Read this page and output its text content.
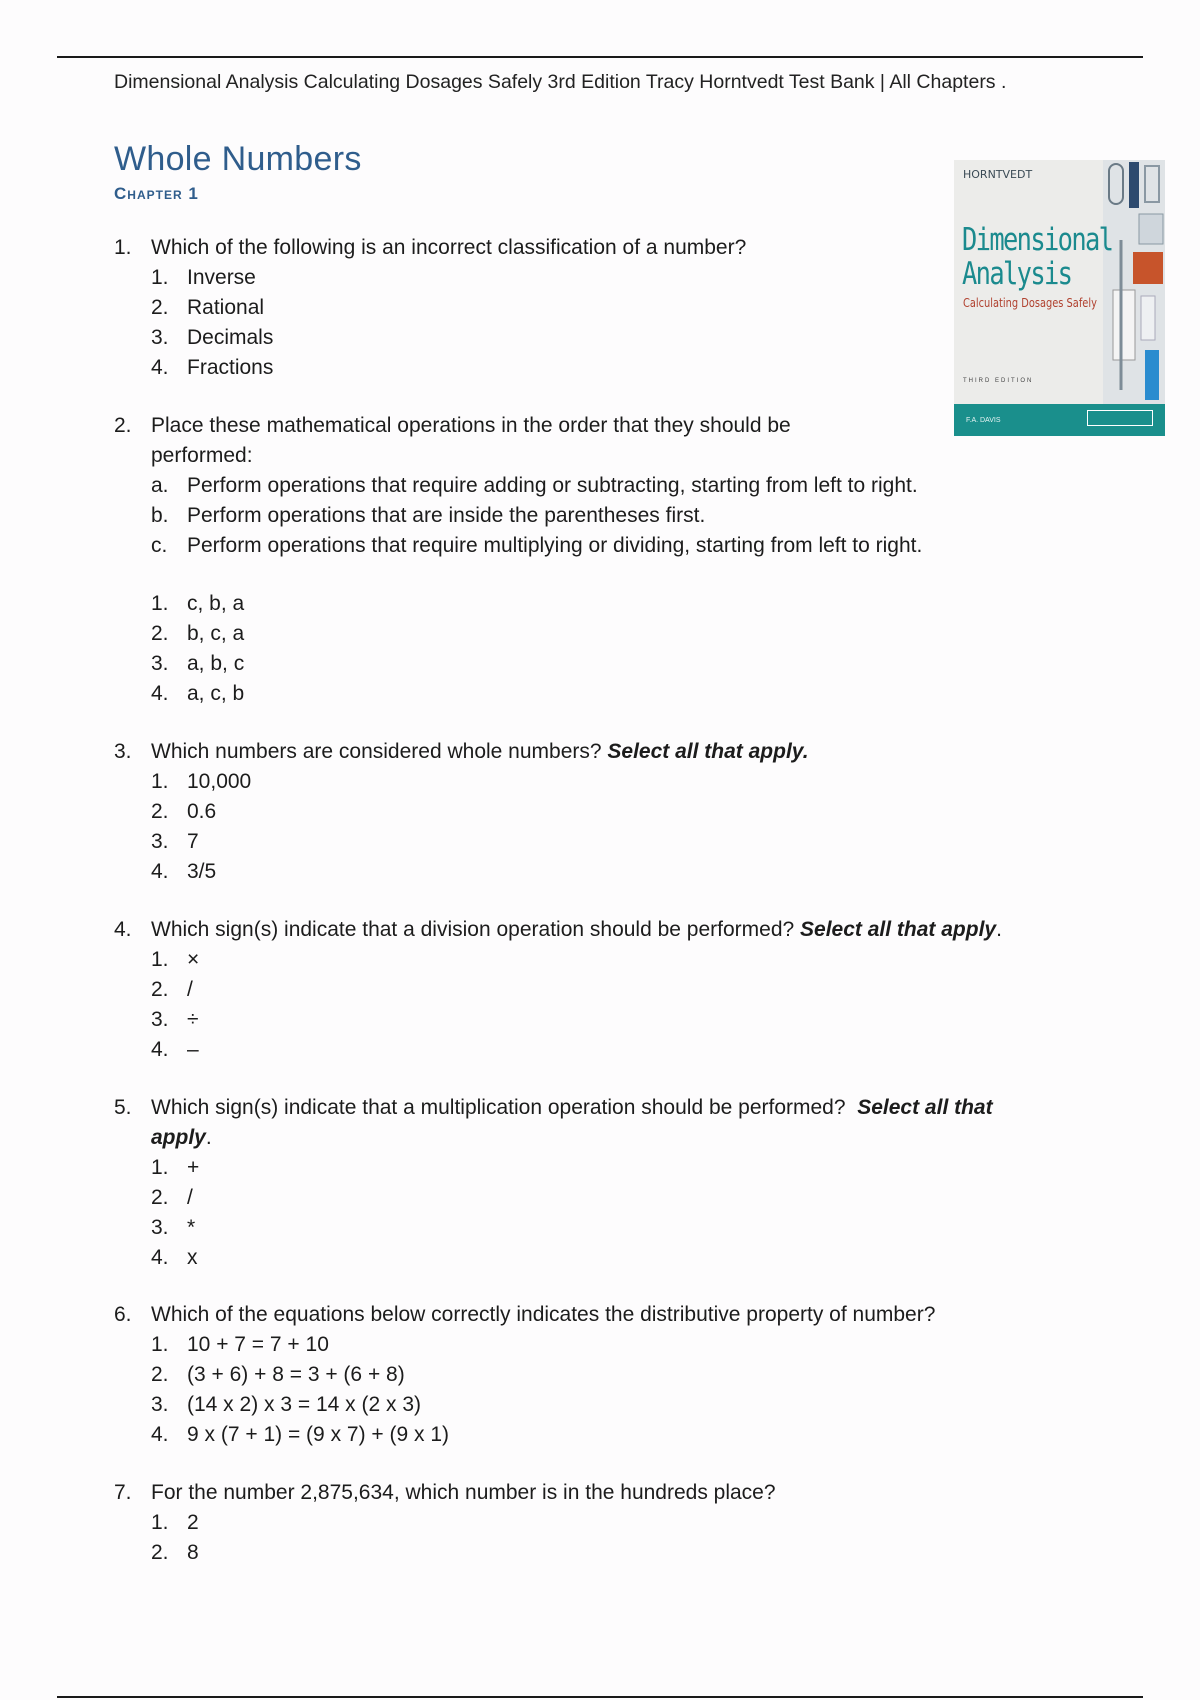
Dimensional Analysis Calculating Dosages Safely 3rd Edition Tracy Horntvedt Test Bank | All Chapters .
Whole Numbers
Chapter 1
HORNTVEDT
Dimensional
Analysis
Calculating Dosages Safely
THIRD EDITION
F.A. DAVIS
1. Which of the following is an incorrect classification of a number?
1. Inverse
2. Rational
3. Decimals
4. Fractions
2. Place these mathematical operations in the order that they should be performed:
a. Perform operations that require adding or subtracting, starting from left to right.
b. Perform operations that are inside the parentheses first.
c. Perform operations that require multiplying or dividing, starting from left to right.
1. c, b, a
2. b, c, a
3. a, b, c
4. a, c, b
3. Which numbers are considered whole numbers? Select all that apply.
1. 10,000
2. 0.6
3. 7
4. 3/5
4. Which sign(s) indicate that a division operation should be performed? Select all that apply.
1. ×
2. /
3. ÷
4. –
5. Which sign(s) indicate that a multiplication operation should be performed?  Select all that apply.
1. +
2. /
3. *
4. x
6. Which of the equations below correctly indicates the distributive property of number?
1. 10 + 7 = 7 + 10
2. (3 + 6) + 8 = 3 + (6 + 8)
3. (14 x 2) x 3 = 14 x (2 x 3)
4. 9 x (7 + 1) = (9 x 7) + (9 x 1)
7. For the number 2,875,634, which number is in the hundreds place?
1. 2
2. 8
